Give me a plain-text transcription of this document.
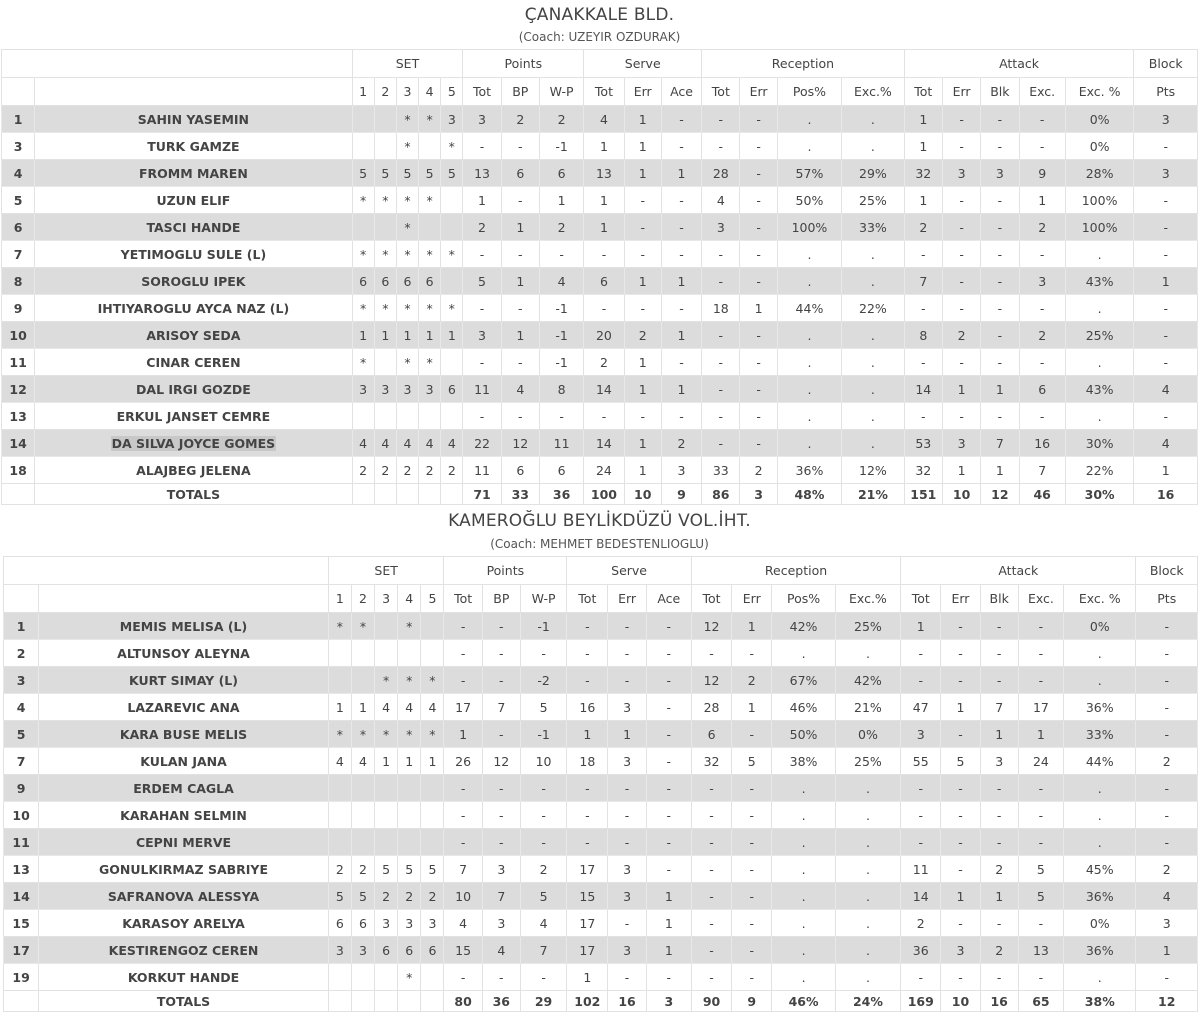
ÇANAKKALE BLD.
(Coach: UZEYIR OZDURAK)
		SET					Points			Serve			Reception				Attack					Block
		1	2	3	4	5	Tot	BP	W-P	Tot	Err	Ace	Tot	Err	Pos%	Exc.%	Tot	Err	Blk	Exc.	Exc. %	Pts
1	SAHIN YASEMIN			*	*	3	3	2	2	4	1	-	-	-	.	.	1	-	-	-	0%	3
3	TURK GAMZE			*		*	-	-	-1	1	1	-	-	-	.	.	1	-	-	-	0%	-
4	FROMM MAREN	5	5	5	5	5	13	6	6	13	1	1	28	-	57%	29%	32	3	3	9	28%	3
5	UZUN ELIF	*	*	*	*		1	-	1	1	-	-	4	-	50%	25%	1	-	-	1	100%	-
6	TASCI HANDE			*			2	1	2	1	-	-	3	-	100%	33%	2	-	-	2	100%	-
7	YETIMOGLU SULE (L)	*	*	*	*	*	-	-	-	-	-	-	-	-	.	.	-	-	-	-	.	-
8	SOROGLU IPEK	6	6	6	6		5	1	4	6	1	1	-	-	.	.	7	-	-	3	43%	1
9	IHTIYAROGLU AYCA NAZ (L)	*	*	*	*	*	-	-	-1	-	-	-	18	1	44%	22%	-	-	-	-	.	-
10	ARISOY SEDA	1	1	1	1	1	3	1	-1	20	2	1	-	-	.	.	8	2	-	2	25%	-
11	CINAR CEREN	*		*	*		-	-	-1	2	1	-	-	-	.	.	-	-	-	-	.	-
12	DAL IRGI GOZDE	3	3	3	3	6	11	4	8	14	1	1	-	-	.	.	14	1	1	6	43%	4
13	ERKUL JANSET CEMRE						-	-	-	-	-	-	-	-	.	.	-	-	-	-	.	-
14	DA SILVA JOYCE GOMES	4	4	4	4	4	22	12	11	14	1	2	-	-	.	.	53	3	7	16	30%	4
18	ALAJBEG JELENA	2	2	2	2	2	11	6	6	24	1	3	33	2	36%	12%	32	1	1	7	22%	1
	TOTALS						71	33	36	100	10	9	86	3	48%	21%	151	10	12	46	30%	16
KAMEROĞLU BEYLİKDÜZÜ VOL.İHT.
(Coach: MEHMET BEDESTENLIOGLU)
		SET					Points			Serve			Reception				Attack					Block
		1	2	3	4	5	Tot	BP	W-P	Tot	Err	Ace	Tot	Err	Pos%	Exc.%	Tot	Err	Blk	Exc.	Exc. %	Pts
1	MEMIS MELISA (L)	*	*		*		-	-	-1	-	-	-	12	1	42%	25%	1	-	-	-	0%	-
2	ALTUNSOY ALEYNA						-	-	-	-	-	-	-	-	.	.	-	-	-	-	.	-
3	KURT SIMAY (L)			*	*	*	-	-	-2	-	-	-	12	2	67%	42%	-	-	-	-	.	-
4	LAZAREVIC ANA	1	1	4	4	4	17	7	5	16	3	-	28	1	46%	21%	47	1	7	17	36%	-
5	KARA BUSE MELIS	*	*	*	*	*	1	-	-1	1	1	-	6	-	50%	0%	3	-	1	1	33%	-
7	KULAN JANA	4	4	1	1	1	26	12	10	18	3	-	32	5	38%	25%	55	5	3	24	44%	2
9	ERDEM CAGLA						-	-	-	-	-	-	-	-	.	.	-	-	-	-	.	-
10	KARAHAN SELMIN						-	-	-	-	-	-	-	-	.	.	-	-	-	-	.	-
11	CEPNI MERVE						-	-	-	-	-	-	-	-	.	.	-	-	-	-	.	-
13	GONULKIRMAZ SABRIYE	2	2	5	5	5	7	3	2	17	3	-	-	-	.	.	11	-	2	5	45%	2
14	SAFRANOVA ALESSYA	5	5	2	2	2	10	7	5	15	3	1	-	-	.	.	14	1	1	5	36%	4
15	KARASOY ARELYA	6	6	3	3	3	4	3	4	17	-	1	-	-	.	.	2	-	-	-	0%	3
17	KESTIRENGOZ CEREN	3	3	6	6	6	15	4	7	17	3	1	-	-	.	.	36	3	2	13	36%	1
19	KORKUT HANDE				*		-	-	-	1	-	-	-	-	.	.	-	-	-	-	.	-
	TOTALS						80	36	29	102	16	3	90	9	46%	24%	169	10	16	65	38%	12
